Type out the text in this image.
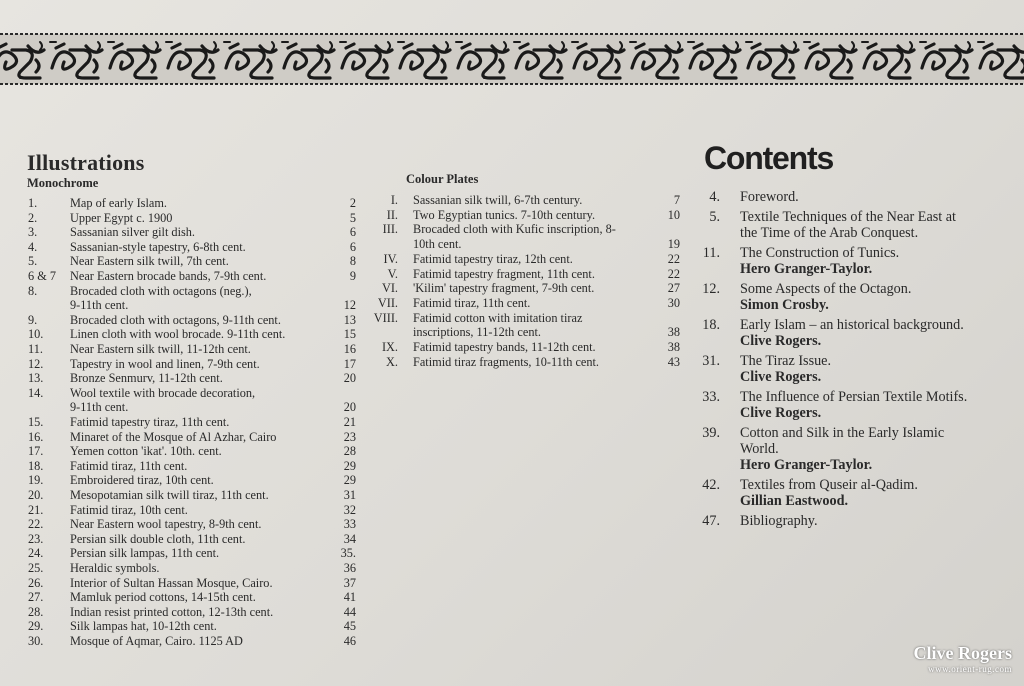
Illustrations
Monochrome	Colour Plates
Contents
1.	Map of early Islam.	2
2.	Upper Egypt c. 1900	5
3.	Sassanian silver gilt dish.	6
4.	Sassanian-style tapestry, 6-8th cent.	6
5.	Near Eastern silk twill, 7th cent.	8
6 & 7 Near Eastern brocade bands, 7-9th cent.	9
8.	Brocaded cloth with octagons (neg.),
9-11th cent.	12
9.	Brocaded cloth with octagons, 9-11th cent.	13
10. Linen cloth with wool brocade. 9-11th cent.	15
11. Near Eastern silk twill, 11-12th cent.	16
12. Tapestry in wool and linen, 7-9th cent.	17
13. Bronze Senmurv, 11-12th cent.	20
14. Wool textile with brocade decoration,
9-11th cent.	20
15. Fatimid tapestry tiraz, 11th cent.	21
16. Minaret of the Mosque of Al Azhar, Cairo	23
17. Yemen cotton 'ikat'. 10th. cent.	28
18. Fatimid tiraz, 11th cent.	29
19. Embroidered tiraz, 10th cent.	29
20. Mesopotamian silk twill tiraz, 11th cent.	31
21. Fatimid tiraz, 10th cent.	32
22. Near Eastern wool tapestry, 8-9th cent.	33
23. Persian silk double cloth, 11th cent.	34
24. Persian silk lampas, 11th cent.	35.
25. Heraldic symbols.	36
26. Interior of Sultan Hassan Mosque, Cairo.	37
27. Mamluk period cottons, 14-15th cent.	41
28. Indian resist printed cotton, 12-13th cent.	44
29. Silk lampas hat, 10-12th cent.	45
30. Mosque of Aqmar, Cairo. 1125 AD	46
I. Sassanian silk twill, 6-7th century.	7
II. Two Egyptian tunics. 7-10th century.	10
III. Brocaded cloth with Kufic inscription, 8-
10th cent.	19
IV. Fatimid tapestry tiraz, 12th cent.	22
V. Fatimid tapestry fragment, 11th cent.	22
VI. 'Kilim' tapestry fragment, 7-9th cent.	27
VII. Fatimid tiraz, 11th cent.	30
VIII. Fatimid cotton with imitation tiraz
inscriptions, 11-12th cent.	38
IX. Fatimid tapestry bands, 11-12th cent.	38
X. Fatimid tiraz fragments, 10-11th cent.	43
4. Foreword.
5. Textile Techniques of the Near East at
the Time of the Arab Conquest.
11. The Construction of Tunics.
Hero Granger-Taylor.
12. Some Aspects of the Octagon.
Simon Crosby.
18. Early Islam – an historical background.
Clive Rogers.
31. The Tiraz Issue.
Clive Rogers.
33. The Influence of Persian Textile Motifs.
Clive Rogers.
39. Cotton and Silk in the Early Islamic
World.
Hero Granger-Taylor.
42. Textiles from Quseir al-Qadim.
Gillian Eastwood.
47. Bibliography.
Clive Rogers
www.orient-rug.com
